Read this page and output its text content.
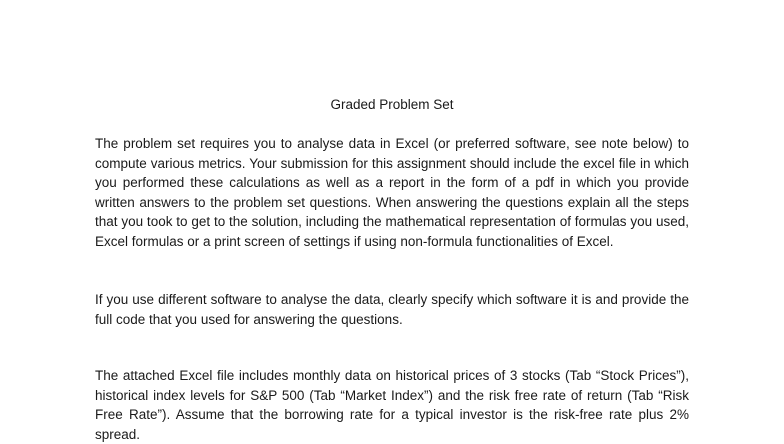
Graded Problem Set

The problem set requires you to analyse data in Excel (or preferred software, see note below) to compute various metrics. Your submission for this assignment should include the excel file in which you performed these calculations as well as a report in the form of a pdf in which you provide written answers to the problem set questions. When answering the questions explain all the steps that you took to get to the solution, including the mathematical representation of formulas you used, Excel formulas or a print screen of settings if using non-formula functionalities of Excel.

If you use different software to analyse the data, clearly specify which software it is and provide the full code that you used for answering the questions.

The attached Excel file includes monthly data on historical prices of 3 stocks (Tab “Stock Prices”), historical index levels for S&P 500 (Tab “Market Index”) and the risk free rate of return (Tab “Risk Free Rate”). Assume that the borrowing rate for a typical investor is the risk-free rate plus 2% spread.
